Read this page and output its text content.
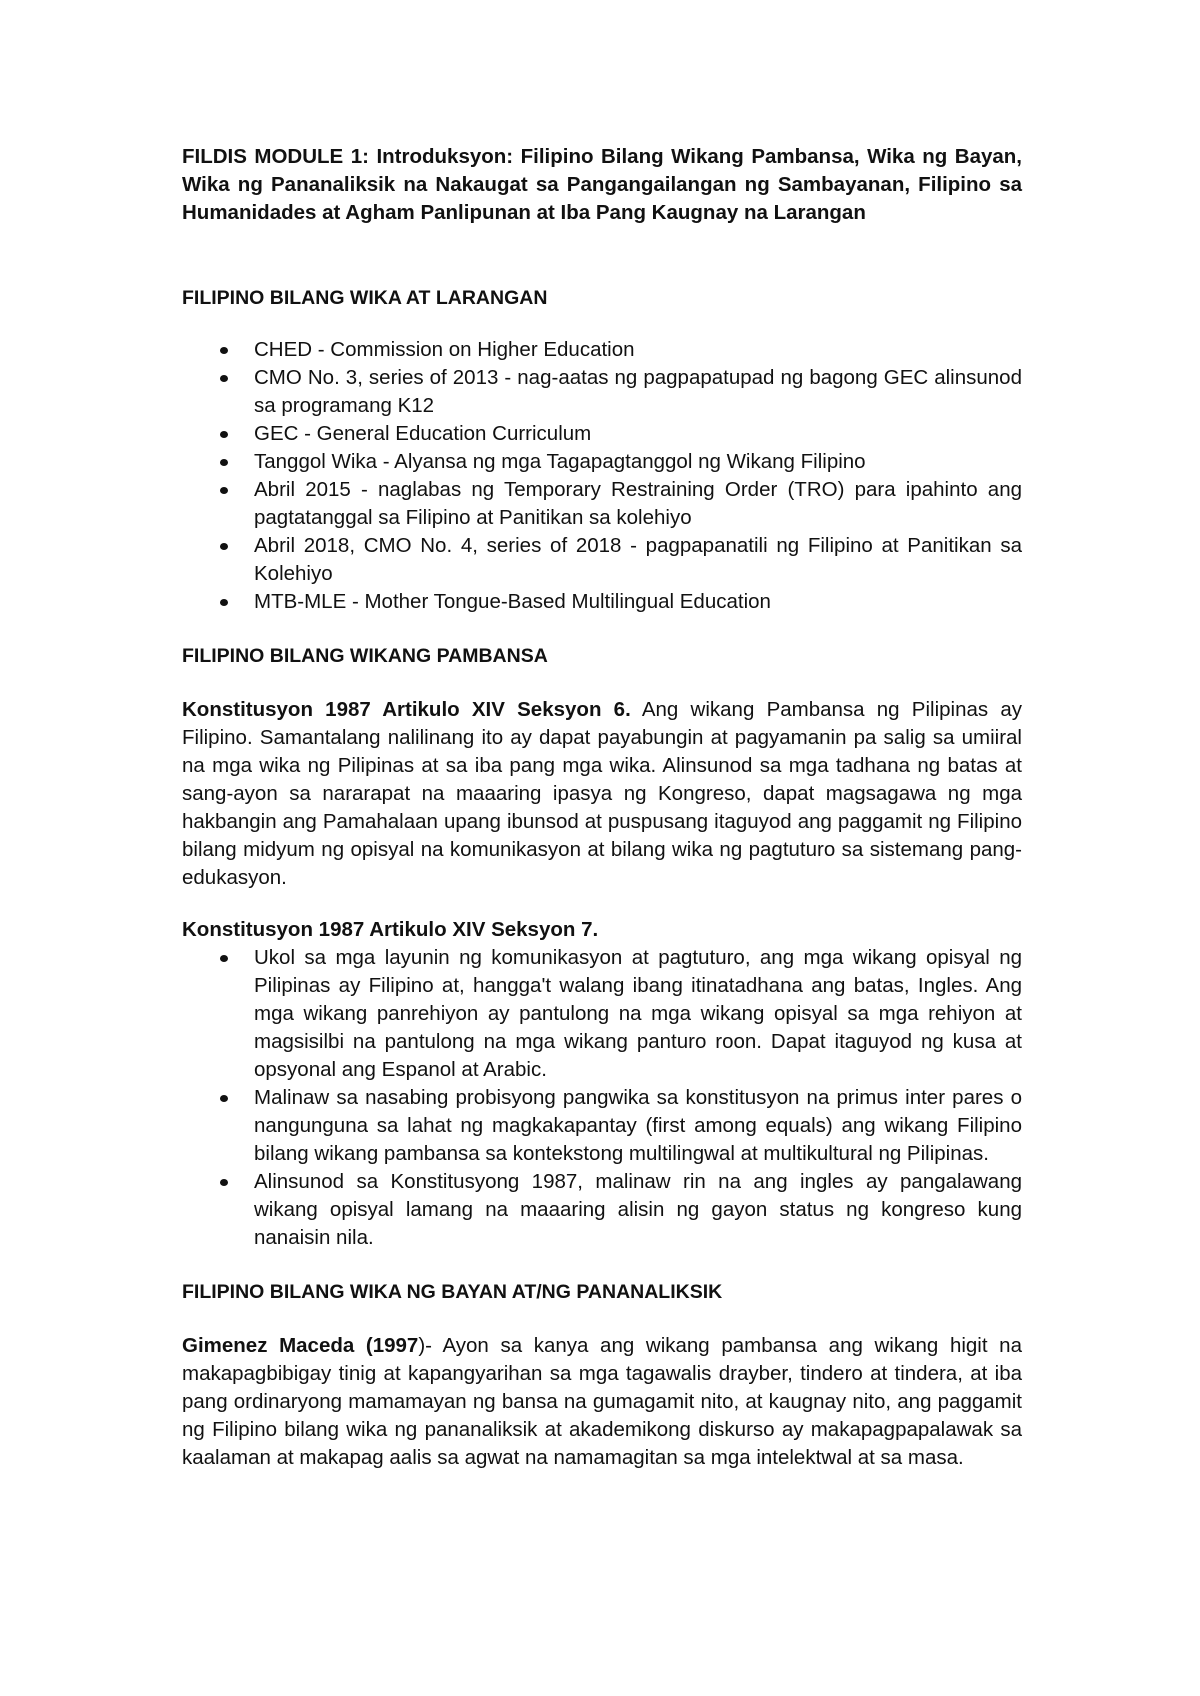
FILDIS MODULE 1: Introduksyon: Filipino Bilang Wikang Pambansa, Wika ng Bayan, Wika ng Pananaliksik na Nakaugat sa Pangangailangan ng Sambayanan, Filipino sa Humanidades at Agham Panlipunan at Iba Pang Kaugnay na Larangan

FILIPINO BILANG WIKA AT LARANGAN

CHED - Commission on Higher Education
CMO No. 3, series of 2013 - nag-aatas ng pagpapatupad ng bagong GEC alinsunod sa programang K12
GEC - General Education Curriculum
Tanggol Wika - Alyansa ng mga Tagapagtanggol ng Wikang Filipino
Abril 2015 - naglabas ng Temporary Restraining Order (TRO) para ipahinto ang pagtatanggal sa Filipino at Panitikan sa kolehiyo
Abril 2018, CMO No. 4, series of 2018 - pagpapanatili ng Filipino at Panitikan sa Kolehiyo
MTB-MLE - Mother Tongue-Based Multilingual Education

FILIPINO BILANG WIKANG PAMBANSA

Konstitusyon 1987 Artikulo XIV Seksyon 6. Ang wikang Pambansa ng Pilipinas ay Filipino. Samantalang nalilinang ito ay dapat payabungin at pagyamanin pa salig sa umiiral na mga wika ng Pilipinas at sa iba pang mga wika. Alinsunod sa mga tadhana ng batas at sang-ayon sa nararapat na maaaring ipasya ng Kongreso, dapat magsagawa ng mga hakbangin ang Pamahalaan upang ibunsod at puspusang itaguyod ang paggamit ng Filipino bilang midyum ng opisyal na komunikasyon at bilang wika ng pagtuturo sa sistemang pang-edukasyon.

Konstitusyon 1987 Artikulo XIV Seksyon 7.

Ukol sa mga layunin ng komunikasyon at pagtuturo, ang mga wikang opisyal ng Pilipinas ay Filipino at, hangga't walang ibang itinatadhana ang batas, Ingles. Ang mga wikang panrehiyon ay pantulong na mga wikang opisyal sa mga rehiyon at magsisilbi na pantulong na mga wikang panturo roon. Dapat itaguyod ng kusa at opsyonal ang Espanol at Arabic.
Malinaw sa nasabing probisyong pangwika sa konstitusyon na primus inter pares o nangunguna sa lahat ng magkakapantay (first among equals) ang wikang Filipino bilang wikang pambansa sa kontekstong multilingwal at multikultural ng Pilipinas.
Alinsunod sa Konstitusyong 1987, malinaw rin na ang ingles ay pangalawang wikang opisyal lamang na maaaring alisin ng gayon status ng kongreso kung nanaisin nila.

FILIPINO BILANG WIKA NG BAYAN AT/NG PANANALIKSIK

Gimenez Maceda (1997)- Ayon sa kanya ang wikang pambansa ang wikang higit na makapagbibigay tinig at kapangyarihan sa mga tagawalis drayber, tindero at tindera, at iba pang ordinaryong mamamayan ng bansa na gumagamit nito, at kaugnay nito, ang paggamit ng Filipino bilang wika ng pananaliksik at akademikong diskurso ay makapagpapalawak sa kaalaman at makapag aalis sa agwat na namamagitan sa mga intelektwal at sa masa.
